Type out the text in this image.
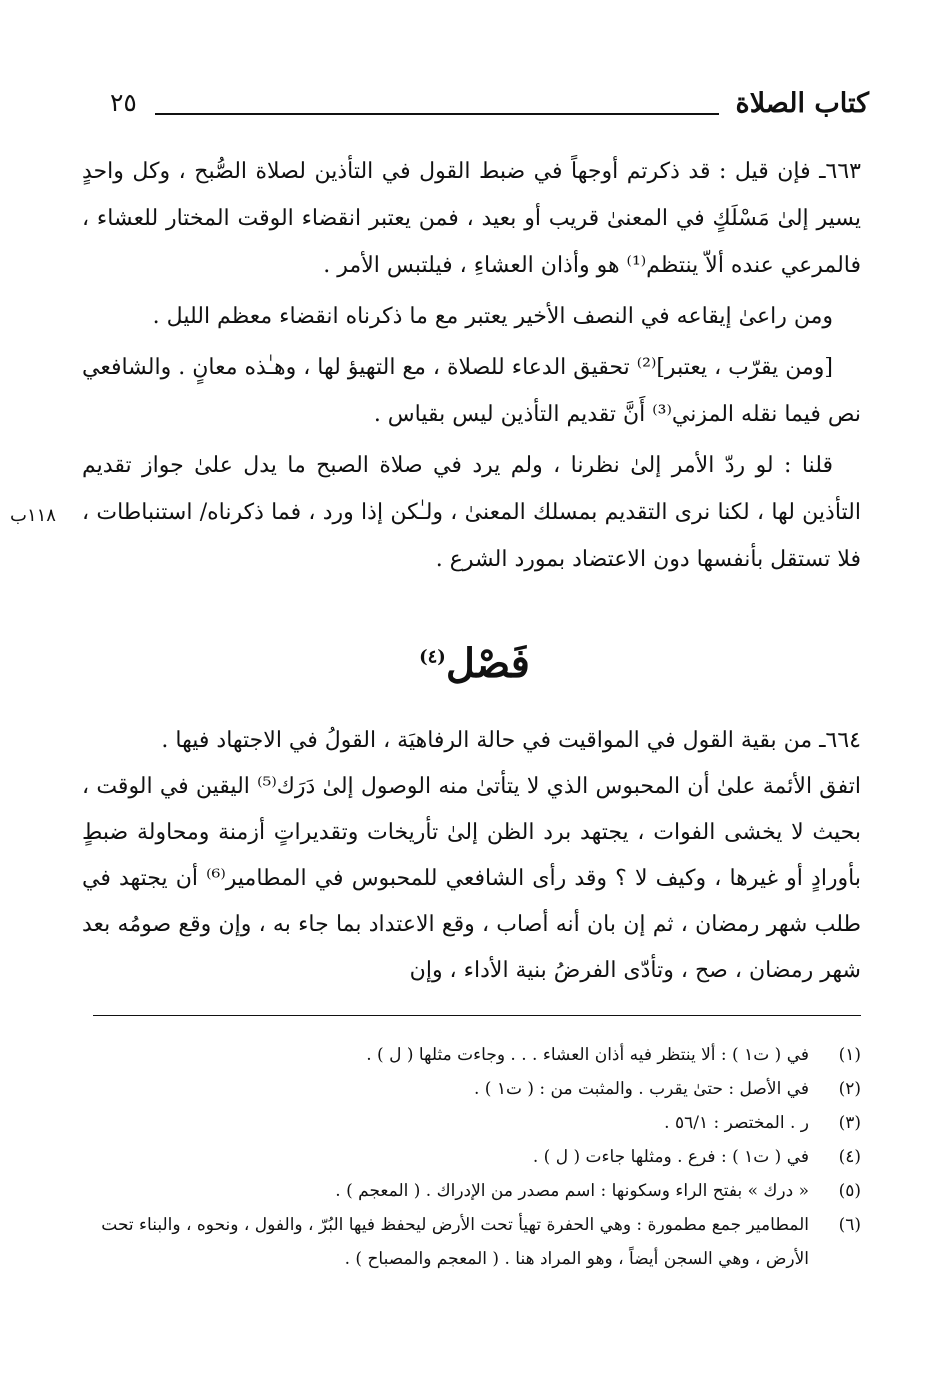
كتاب الصلاة
٢٥

٦٦٣ـ فإن قيل : قد ذكرتم أوجهاً في ضبط القول في التأذين لصلاة الصُّبح ، وكل واحدٍ يسير إلىٰ مَسْلَكٍ في المعنىٰ قريب أو بعيد ، فمن يعتبر انقضاء الوقت المختار للعشاء ، فالمرعي عنده ألاّ ينتظم⁽¹⁾ هو وأذان العشاءِ ، فيلتبس الأمر .

ومن راعىٰ إيقاعه في النصف الأخير يعتبر مع ما ذكرناه انقضاء معظم الليل .

[ومن يقرّب ، يعتبر]⁽²⁾ تحقيق الدعاء للصلاة ، مع التهيؤ لها ، وهـٰذه معانٍ . والشافعي نص فيما نقله المزني⁽³⁾ أَنَّ تقديم التأذين ليس بقياس .

قلنا : لو ردّ الأمر إلىٰ نظرنا ، ولم يرد في صلاة الصبح ما يدل علىٰ جواز تقديم التأذين لها ، لكنا نرى التقديم بمسلك المعنىٰ ، ولـٰكن إذا ورد ، فما ذكرناه/ استنباطات ، فلا تستقل بأنفسها دون الاعتضاد بمورد الشرع .

١١٨ب
فَصْل$^{(٤)}$

٦٦٤ـ من بقية القول في المواقيت في حالة الرفاهيَة ، القولُ في الاجتهاد فيها .

اتفق الأئمة علىٰ أن المحبوس الذي لا يتأتىٰ منه الوصول إلىٰ دَرَك⁽⁵⁾ اليقين في الوقت ، بحيث لا يخشى الفوات ، يجتهد برد الظن إلىٰ تأريخات وتقديراتٍ أزمنة ومحاولة ضبطٍ بأورادٍ أو غيرها ، وكيف لا ؟ وقد رأى الشافعي للمحبوس في المطامير⁽⁶⁾ أن يجتهد في طلب شهر رمضان ، ثم إن بان أنه أصاب ، وقع الاعتداد بما جاء به ، وإن وقع صومُه بعد شهر رمضان ، صح ، وتأدّى الفرضُ بنية الأداء ، وإن

(١)
في ( ت١ ) : ألا ينتظر فيه أذان العشاء . . . وجاءت مثلها ( ل ) .
(٢)
في الأصل : حتىٰ يقرب . والمثبت من : ( ت١ ) .
(٣)
ر . المختصر : ٥٦/١ .
(٤)
في ( ت١ ) : فرع . ومثلها جاءت ( ل ) .
(٥)
« درك » بفتح الراء وسكونها : اسم مصدر من الإدراك . ( المعجم ) .
(٦)
المطامير جمع مطمورة : وهي الحفرة تهيأ تحت الأرض ليحفظ فيها البُرّ ، والفول ، ونحوه ، والبناء تحت الأرض ، وهي السجن أيضاً ، وهو المراد هنا . ( المعجم والمصباح ) .
